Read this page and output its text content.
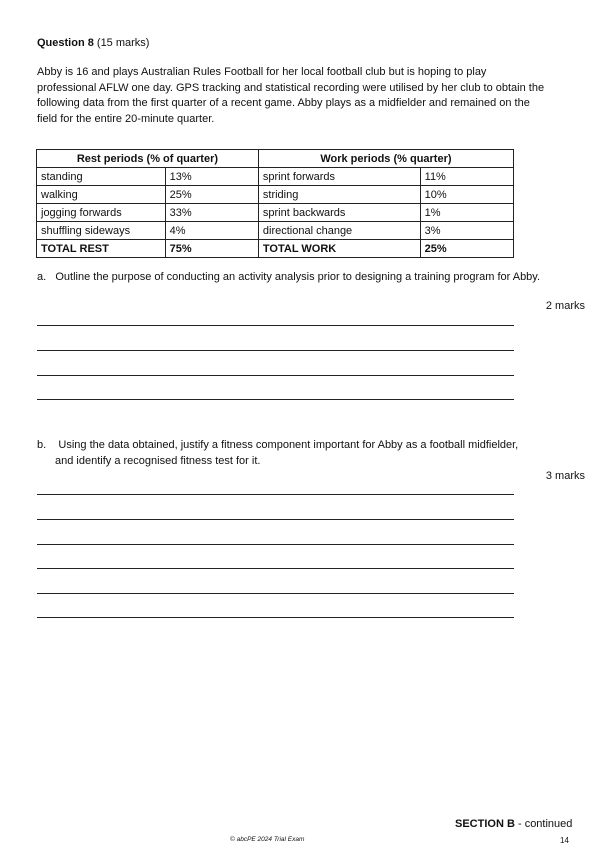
Question 8 (15 marks)
Abby is 16 and plays Australian Rules Football for her local football club but is hoping to play professional AFLW one day. GPS tracking and statistical recording were utilised by her club to obtain the following data from the first quarter of a recent game. Abby plays as a midfielder and remained on the field for the entire 20-minute quarter.
Rest periods (% of quarter)		Work periods (% quarter)	
standing	13%	sprint forwards	11%
walking	25%	striding	10%
jogging forwards	33%	sprint backwards	1%
shuffling sideways	4%	directional change	3%
TOTAL REST	75%	TOTAL WORK	25%
a. Outline the purpose of conducting an activity analysis prior to designing a training program for Abby.
2 marks
b. Using the data obtained, justify a fitness component important for Abby as a football midfielder,
and identify a recognised fitness test for it.
3 marks
SECTION B - continued
© abcPE 2024 Trial Exam	14
